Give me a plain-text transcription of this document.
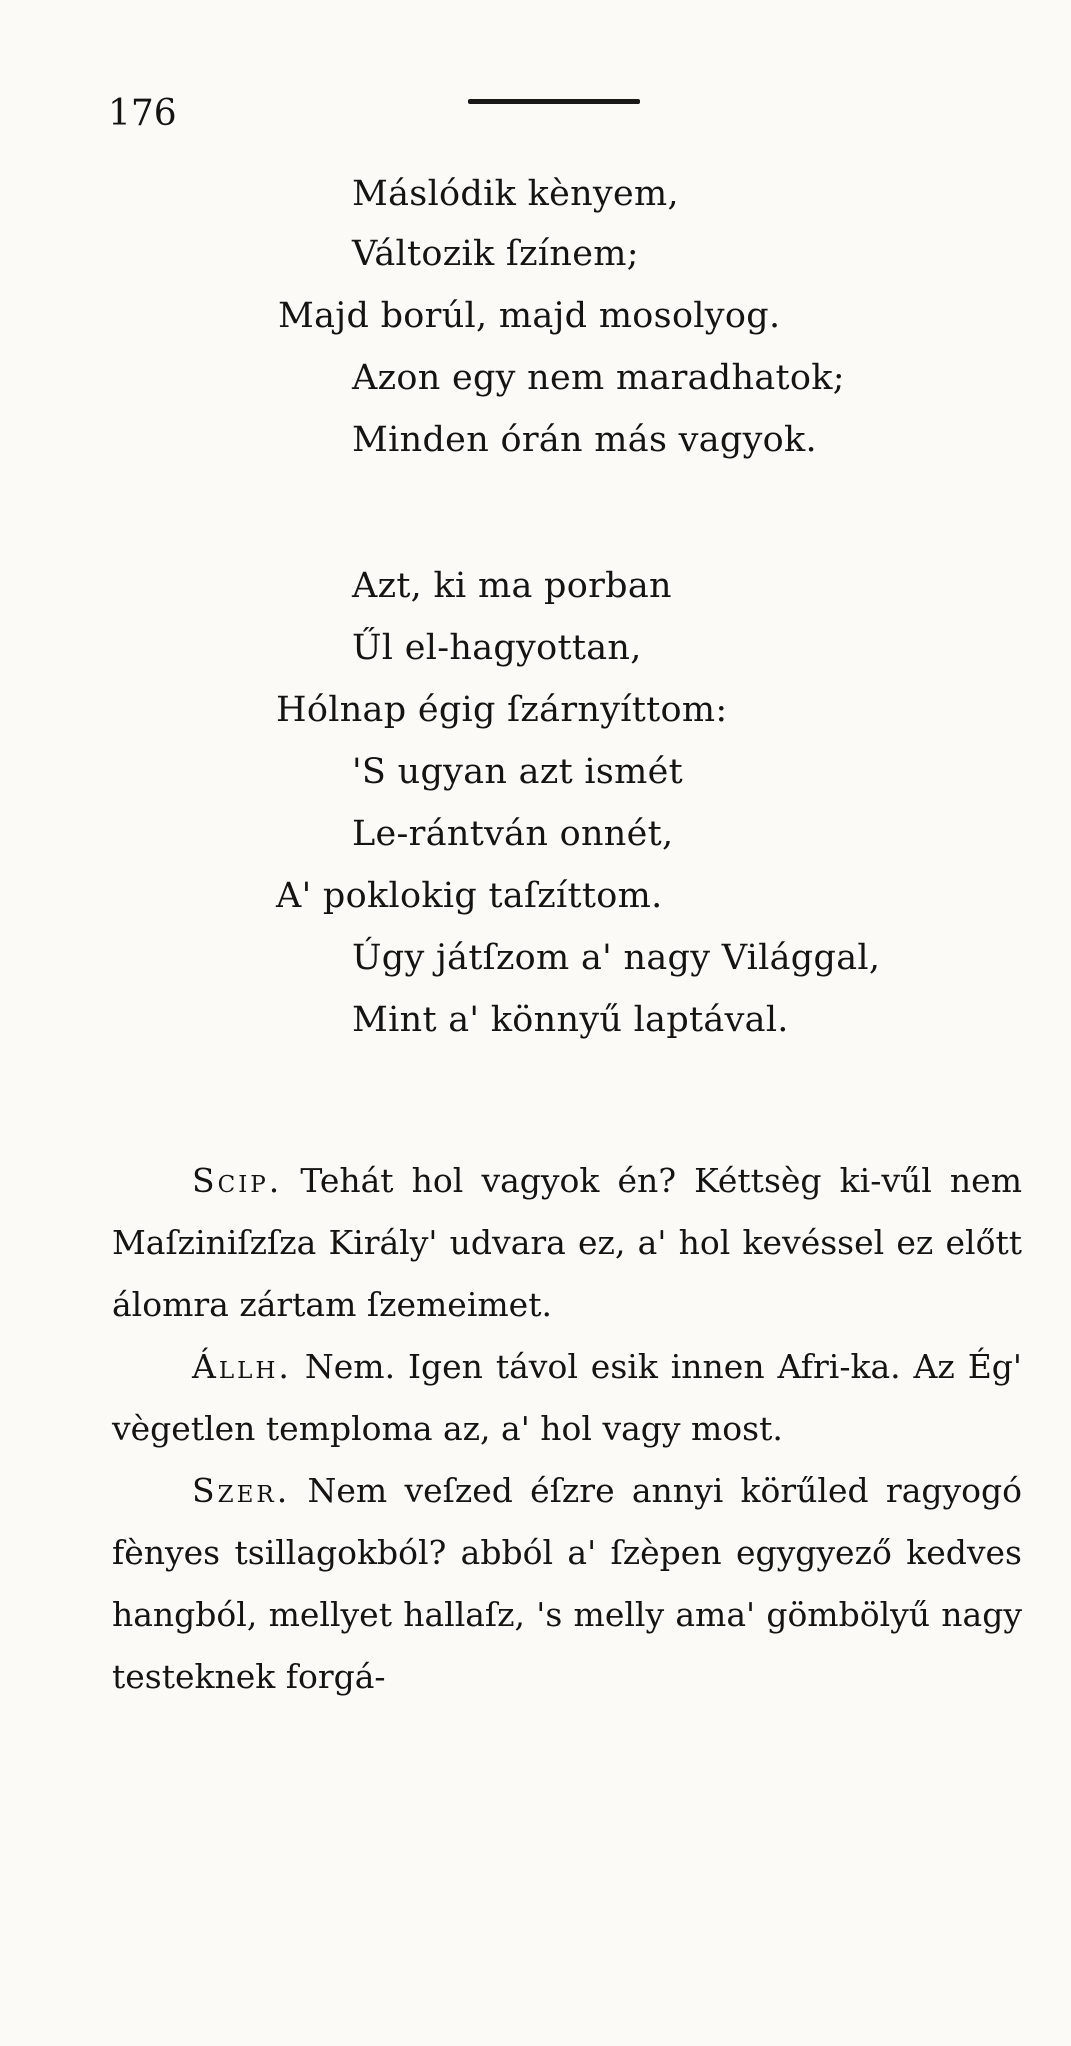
176
Máslódik kènyem,
Változik ſzínem;
Majd borúl, majd mosolyog.
Azon egy nem maradhatok;
Minden órán más vagyok.
Azt, ki ma porban
Űl el-hagyottan,
Hólnap égig ſzárnyíttom:
'S ugyan azt ismét
Le-rántván onnét,
A' poklokig taſzíttom.
Úgy játſzom a' nagy Világgal,
Mint a' könnyű laptával.

Scip. Tehát hol vagyok én? Kéttsèg ki-vűl nem Maſziniſzſza Király' udvara ez, a' hol kevéssel ez előtt álomra zártam ſzemeimet.

Állh. Nem. Igen távol esik innen Afri-ka. Az Ég' vègetlen temploma az, a' hol vagy most.

Szer. Nem veſzed éſzre annyi körűled ragyogó fènyes tsillagokból? abból a' ſzèpen egygyező kedves hangból, mellyet hallaſz, 's melly ama' gömbölyű nagy testeknek forgá-
